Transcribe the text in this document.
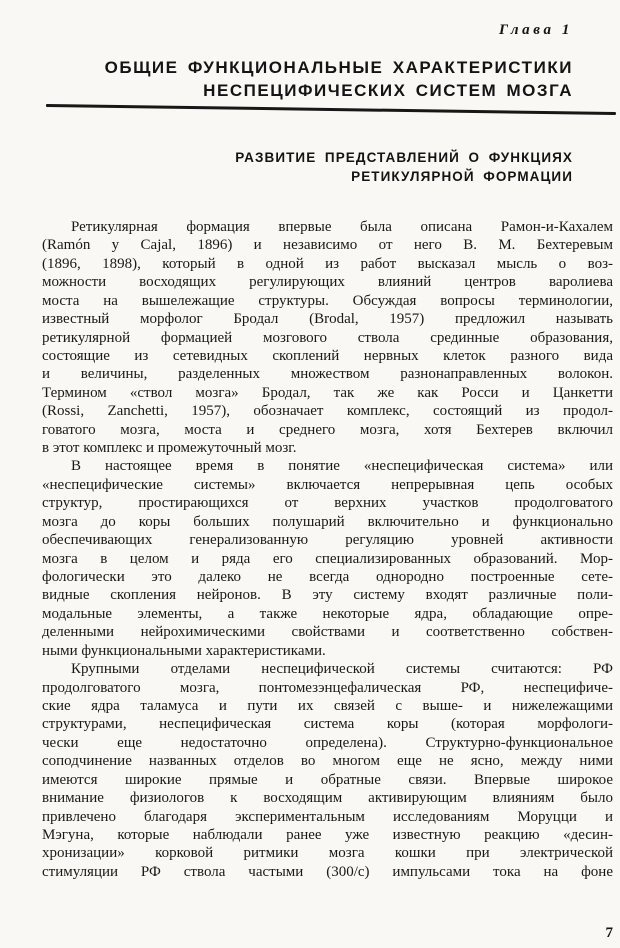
Глава 1
ОБЩИЕ ФУНКЦИОНАЛЬНЫЕ ХАРАКТЕРИСТИКИ
НЕСПЕЦИФИЧЕСКИХ СИСТЕМ МОЗГА
РАЗВИТИЕ ПРЕДСТАВЛЕНИЙ О ФУНКЦИЯХ
РЕТИКУЛЯРНОЙ ФОРМАЦИИ
Ретикулярная формация впервые была описана Рамон-и-Кахалем
(Ramón y Cajal, 1896) и независимо от него В. М. Бехтеревым
(1896, 1898), который в одной из работ высказал мысль о воз-
можности восходящих регулирующих влияний центров варолиева
моста на вышележащие структуры. Обсуждая вопросы терминологии,
известный морфолог Бродал (Brodal, 1957) предложил называть
ретикулярной формацией мозгового ствола срединные образования,
состоящие из сетевидных скоплений нервных клеток разного вида
и величины, разделенных множеством разнонаправленных волокон.
Термином «ствол мозга» Бродал, так же как Росси и Цанкетти
(Rossi, Zanchetti, 1957), обозначает комплекс, состоящий из продол-
говатого мозга, моста и среднего мозга, хотя Бехтерев включил
в этот комплекс и промежуточный мозг.
В настоящее время в понятие «неспецифическая система» или
«неспецифические системы» включается непрерывная цепь особых
структур, простирающихся от верхних участков продолговатого
мозга до коры больших полушарий включительно и функционально
обеспечивающих генерализованную регуляцию уровней активности
мозга в целом и ряда его специализированных образований. Мор-
фологически это далеко не всегда однородно построенные сете-
видные скопления нейронов. В эту систему входят различные поли-
модальные элементы, а также некоторые ядра, обладающие опре-
деленными нейрохимическими свойствами и соответственно собствен-
ными функциональными характеристиками.
Крупными отделами неспецифической системы считаются: РФ
продолговатого мозга, понтомезэнцефалическая РФ, неспецифиче-
ские ядра таламуса и пути их связей с выше- и нижележащими
структурами, неспецифическая система коры (которая морфологи-
чески еще недостаточно определена). Структурно-функциональное
соподчинение названных отделов во многом еще не ясно, между ними
имеются широкие прямые и обратные связи. Впервые широкое
внимание физиологов к восходящим активирующим влияниям было
привлечено благодаря экспериментальным исследованиям Моруцци и
Мэгуна, которые наблюдали ранее уже известную реакцию «десин-
хронизации» корковой ритмики мозга кошки при электрической
стимуляции РФ ствола частыми (300/с) импульсами тока на фоне
7
